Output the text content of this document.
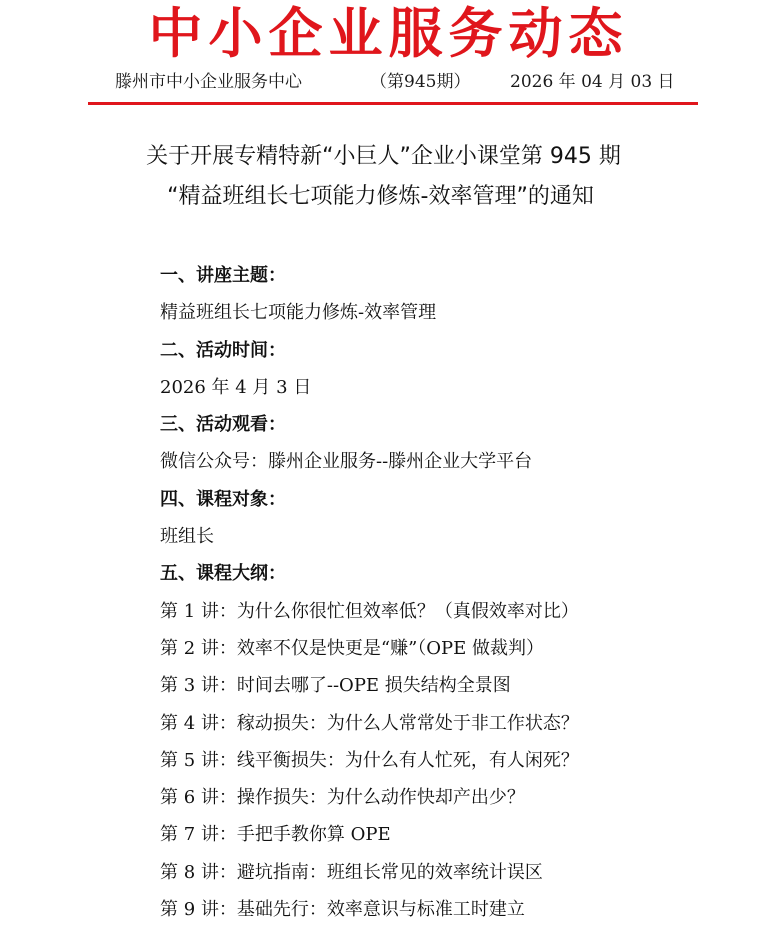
中小企业服务动态
滕州市中小企业服务中心	（第945期） 2026 年 04 月 03 日
关于开展专精特新“小巨人”企业小课堂第 945 期
“精益班组长七项能力修炼-效率管理”的通知
一、讲座主题：
精益班组长七项能力修炼-效率管理
二、活动时间：
2026 年 4 月 3 日
三、活动观看：
微信公众号：滕州企业服务--滕州企业大学平台
四、课程对象：
班组长
五、课程大纲：
第 1 讲：为什么你很忙但效率低？（真假效率对比）
第 2 讲：效率不仅是快更是“赚”（OPE 做裁判）
第 3 讲：时间去哪了--OPE 损失结构全景图
第 4 讲：稼动损失：为什么人常常处于非工作状态？
第 5 讲：线平衡损失：为什么有人忙死，有人闲死？
第 6 讲：操作损失：为什么动作快却产出少？
第 7 讲：手把手教你算 OPE
第 8 讲：避坑指南：班组长常见的效率统计误区
第 9 讲：基础先行：效率意识与标准工时建立
